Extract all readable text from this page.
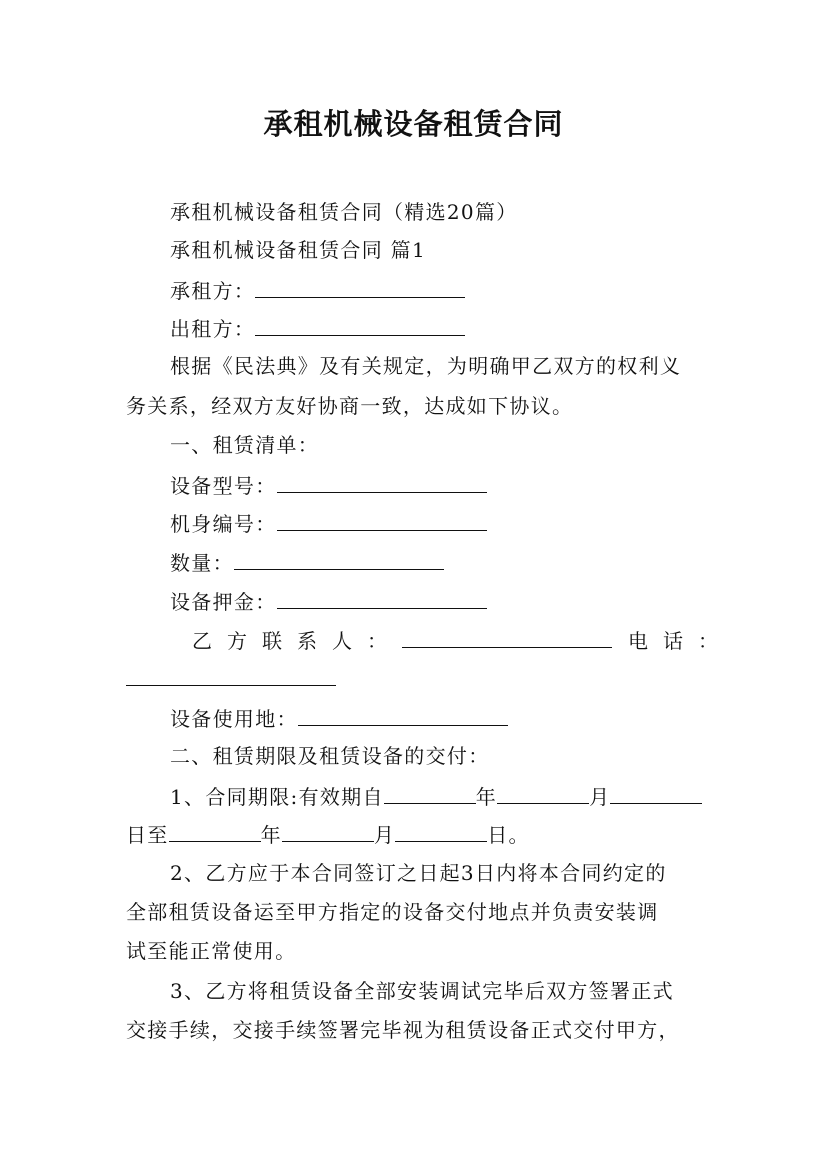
承租机械设备租赁合同
承租机械设备租赁合同（精选20篇）
承租机械设备租赁合同 篇1
承租方：
出租方：
根据《民法典》及有关规定，为明确甲乙双方的权利义
务关系，经双方友好协商一致，达成如下协议。
一、租赁清单：
设备型号：
机身编号：
数量：
设备押金：
乙方联系人：	电话：
设备使用地：
二、租赁期限及租赁设备的交付：
1、合同期限:有效期自	年	月
日至	年	月	日。
2、乙方应于本合同签订之日起3日内将本合同约定的
全部租赁设备运至甲方指定的设备交付地点并负责安装调
试至能正常使用。
3、乙方将租赁设备全部安装调试完毕后双方签署正式
交接手续，交接手续签署完毕视为租赁设备正式交付甲方，
